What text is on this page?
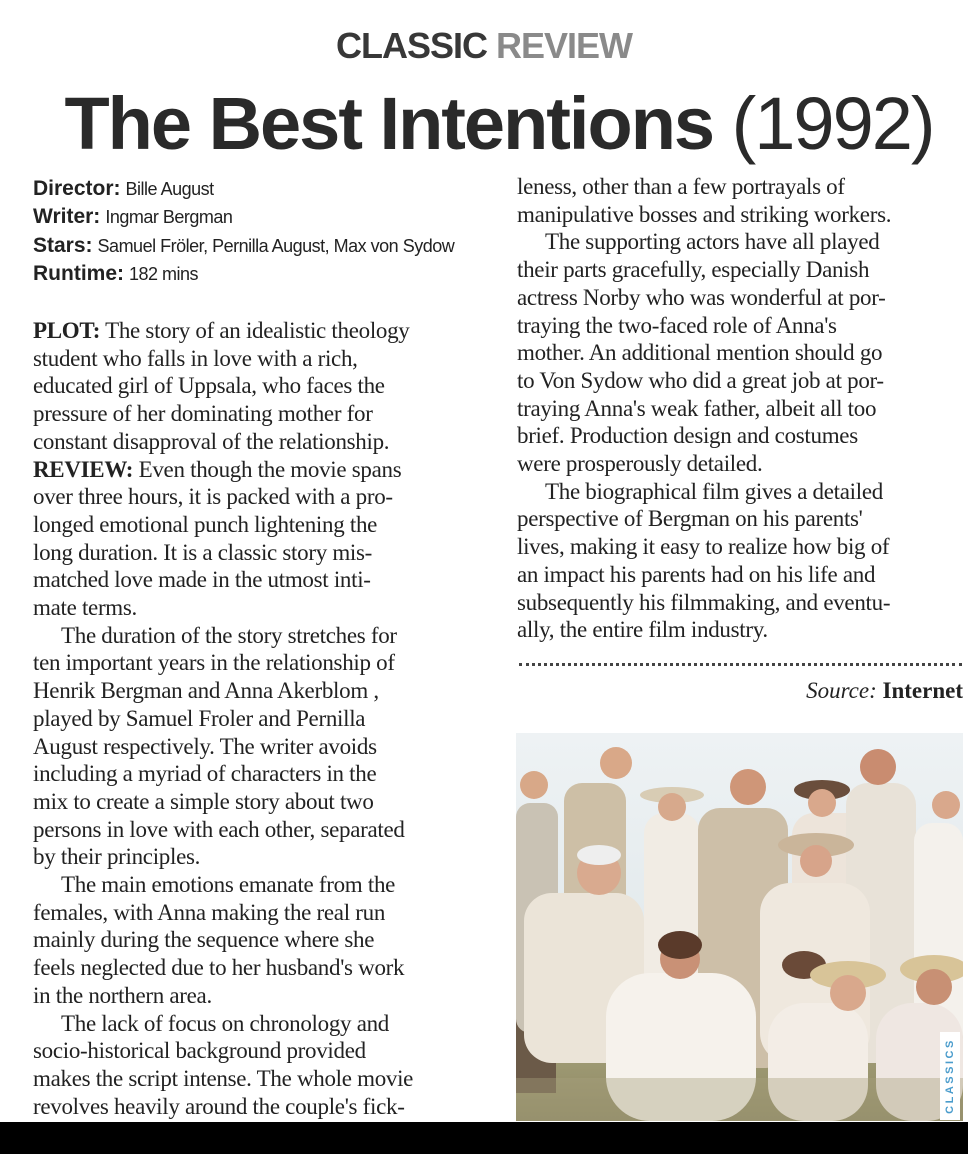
CLASSIC REVIEW
The Best Intentions (1992)
Director: Bille August
Writer: Ingmar Bergman
Stars: Samuel Fröler, Pernilla August, Max von Sydow
Runtime: 182 mins

PLOT: The story of an idealistic theology

student who falls in love with a rich,

educated girl of Uppsala, who faces the

pressure of her dominating mother for

constant disapproval of the relationship.

REVIEW: Even though the movie spans

over three hours, it is packed with a pro-

longed emotional punch lightening the

long duration. It is a classic story mis-

matched love made in the utmost inti-

mate terms.

The duration of the story stretches for

ten important years in the relationship of

Henrik Bergman and Anna Akerblom ,

played by Samuel Froler and Pernilla

August respectively. The writer avoids

including a myriad of characters in the

mix to create a simple story about two

persons in love with each other, separated

by their principles.

The main emotions emanate from the

females, with Anna making the real run

mainly during the sequence where she

feels neglected due to her husband's work

in the northern area.

The lack of focus on chronology and

socio-historical background provided

makes the script intense. The whole movie

revolves heavily around the couple's fick-

leness, other than a few portrayals of

manipulative bosses and striking workers.

The supporting actors have all played

their parts gracefully, especially Danish

actress Norby who was wonderful at por-

traying the two-faced role of Anna's

mother. An additional mention should go

to Von Sydow who did a great job at por-

traying Anna's weak father, albeit all too

brief. Production design and costumes

were prosperously detailed.

The biographical film gives a detailed

perspective of Bergman on his parents'

lives, making it easy to realize how big of

an impact his parents had on his life and

subsequently his filmmaking, and eventu-

ally, the entire film industry.

Source: Internet
CLASSICS
